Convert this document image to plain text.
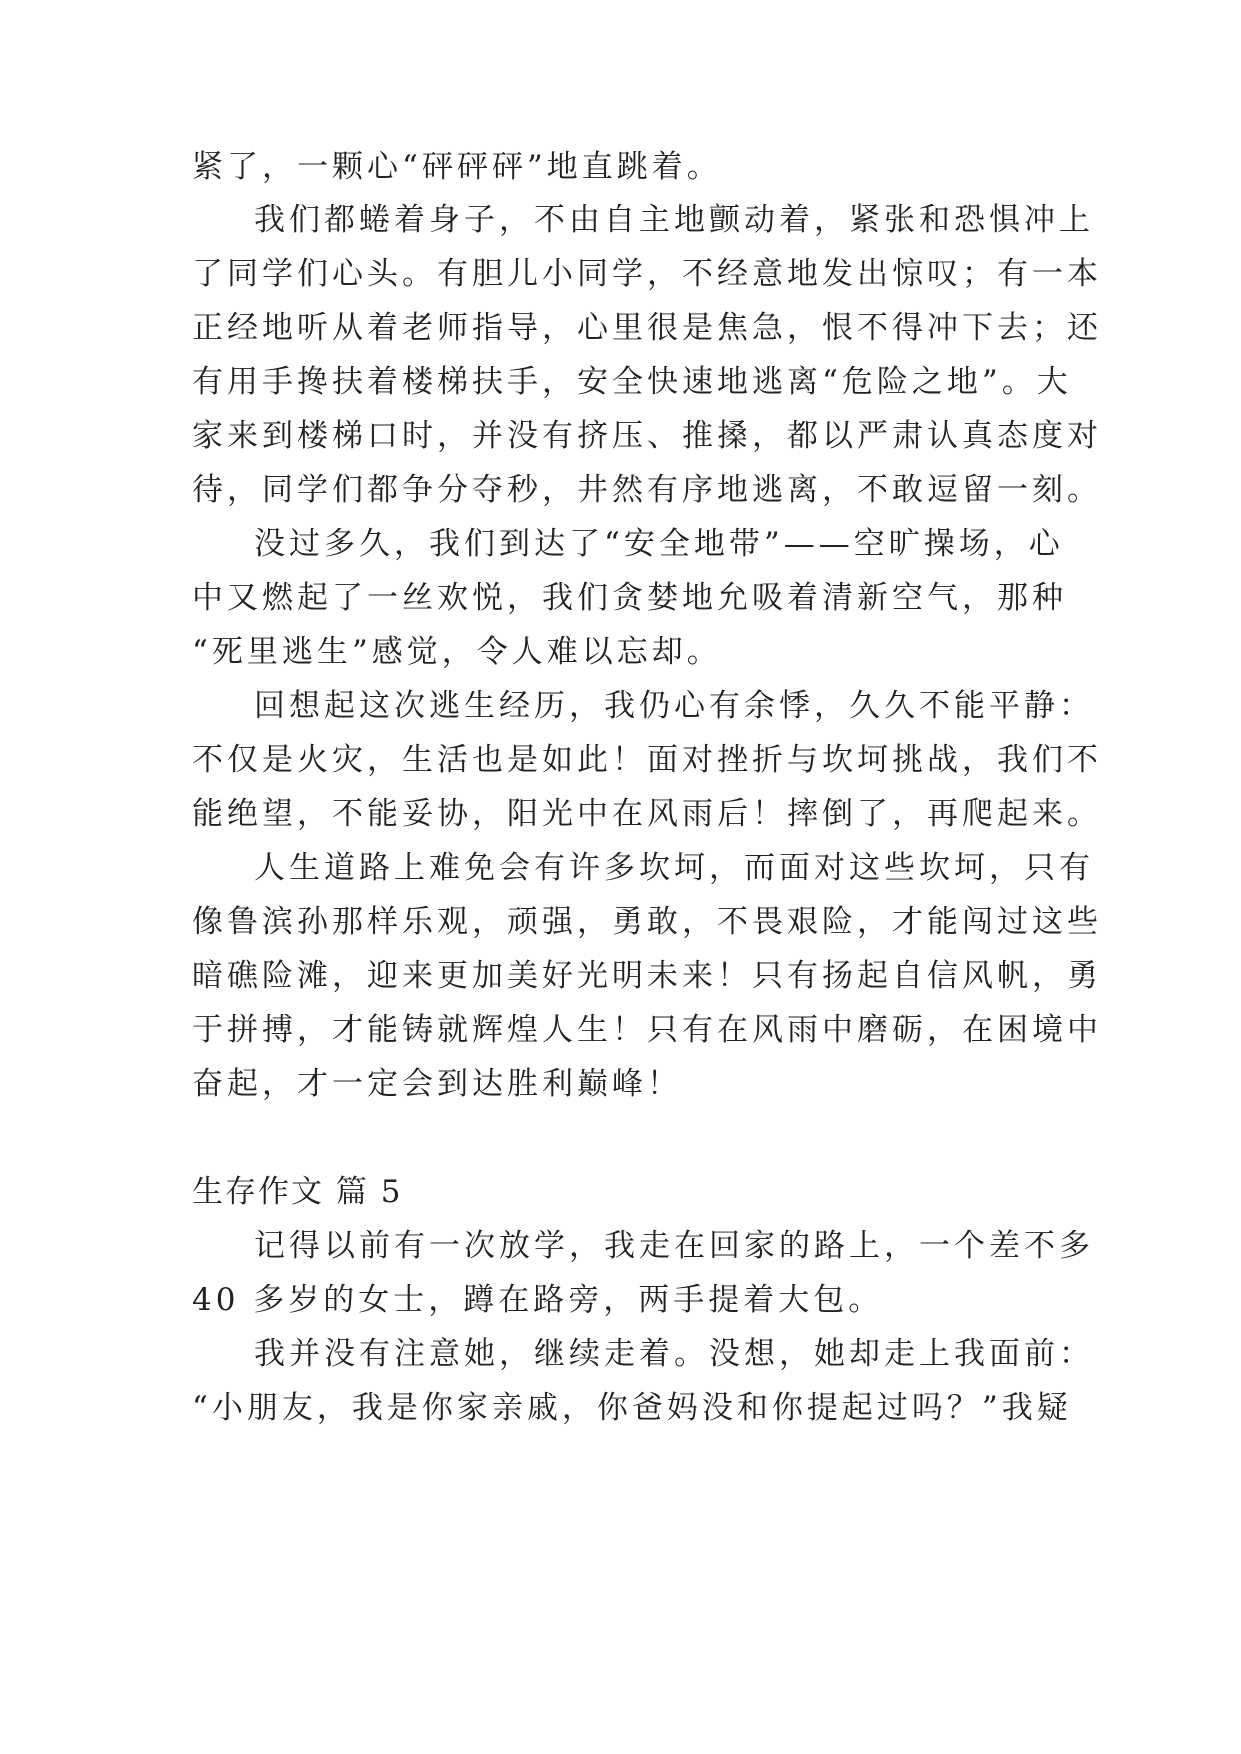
紧了，一颗心“砰砰砰”地直跳着。

我们都蜷着身子，不由自主地颤动着，紧张和恐惧冲上

了同学们心头。有胆儿小同学，不经意地发出惊叹；有一本

正经地听从着老师指导，心里很是焦急，恨不得冲下去；还

有用手搀扶着楼梯扶手，安全快速地逃离“危险之地”。大

家来到楼梯口时，并没有挤压、推搡，都以严肃认真态度对

待，同学们都争分夺秒，井然有序地逃离，不敢逗留一刻。

没过多久，我们到达了“安全地带”——空旷操场，心

中又燃起了一丝欢悦，我们贪婪地允吸着清新空气，那种

“死里逃生”感觉，令人难以忘却。

回想起这次逃生经历，我仍心有余悸，久久不能平静：

不仅是火灾，生活也是如此！面对挫折与坎坷挑战，我们不

能绝望，不能妥协，阳光中在风雨后！摔倒了，再爬起来。

人生道路上难免会有许多坎坷，而面对这些坎坷，只有

像鲁滨孙那样乐观，顽强，勇敢，不畏艰险，才能闯过这些

暗礁险滩，迎来更加美好光明未来！只有扬起自信风帆，勇

于拼搏，才能铸就辉煌人生！只有在风雨中磨砺，在困境中

奋起，才一定会到达胜利巅峰！

生存作文 篇 5

记得以前有一次放学，我走在回家的路上，一个差不多

40 多岁的女士，蹲在路旁，两手提着大包。

我并没有注意她，继续走着。没想，她却走上我面前：

“小朋友，我是你家亲戚，你爸妈没和你提起过吗？”我疑
